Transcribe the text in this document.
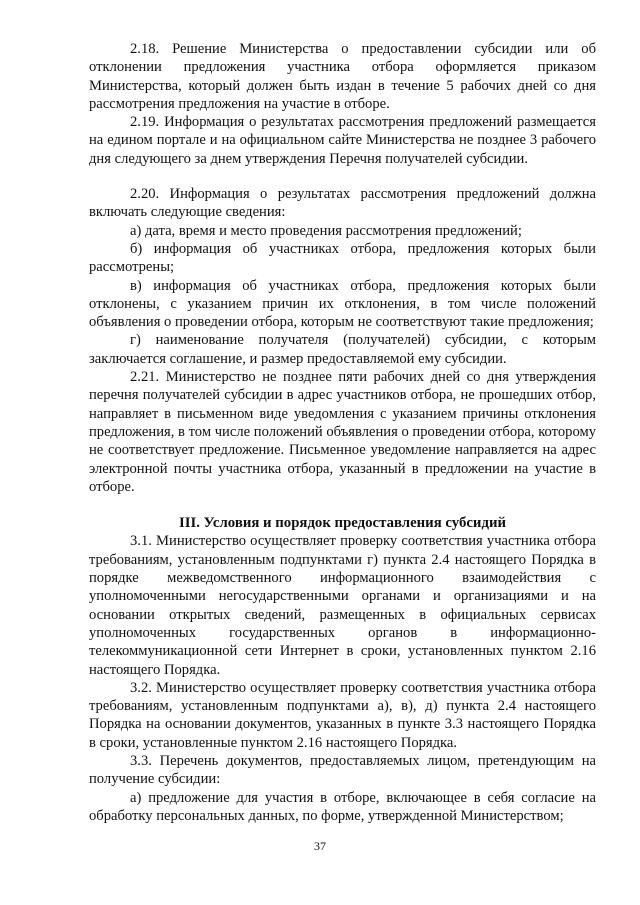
2.18. Решение Министерства о предоставлении субсидии или об отклонении предложения участника отбора оформляется приказом Министерства, который должен быть издан в течение 5 рабочих дней со дня рассмотрения предложения на участие в отборе.

2.19. Информация о результатах рассмотрения предложений размещается на едином портале и на официальном сайте Министерства не позднее 3 рабочего дня следующего за днем утверждения Перечня получателей субсидии.

2.20. Информация о результатах рассмотрения предложений должна включать следующие сведения:

а) дата, время и место проведения рассмотрения предложений;

б) информация об участниках отбора, предложения которых были рассмотрены;

в) информация об участниках отбора, предложения которых были отклонены, с указанием причин их отклонения, в том числе положений объявления о проведении отбора, которым не соответствуют такие предложения;

г) наименование получателя (получателей) субсидии, с которым заключается соглашение, и размер предоставляемой ему субсидии.

2.21. Министерство не позднее пяти рабочих дней со дня утверждения перечня получателей субсидии в адрес участников отбора, не прошедших отбор, направляет в письменном виде уведомления с указанием причины отклонения предложения, в том числе положений объявления о проведении отбора, которому не соответствует предложение. Письменное уведомление направляется на адрес электронной почты участника отбора, указанный в предложении на участие в отборе.

III. Условия и порядок предоставления субсидий

3.1. Министерство осуществляет проверку соответствия участника отбора требованиям, установленным подпунктами г) пункта 2.4 настоящего Порядка в порядке межведомственного информационного взаимодействия с уполномоченными негосударственными органами и организациями и на основании открытых сведений, размещенных в официальных сервисах уполномоченных государственных органов в информационно-телекоммуникационной сети Интернет в сроки, установленных пунктом 2.16 настоящего Порядка.

3.2. Министерство осуществляет проверку соответствия участника отбора требованиям, установленным подпунктами а), в), д) пункта 2.4 настоящего Порядка на основании документов, указанных в пункте 3.3 настоящего Порядка в сроки, установленные пунктом 2.16 настоящего Порядка.

3.3. Перечень документов, предоставляемых лицом, претендующим на получение субсидии:

а) предложение для участия в отборе, включающее в себя согласие на обработку персональных данных, по форме, утвержденной Министерством;

37
